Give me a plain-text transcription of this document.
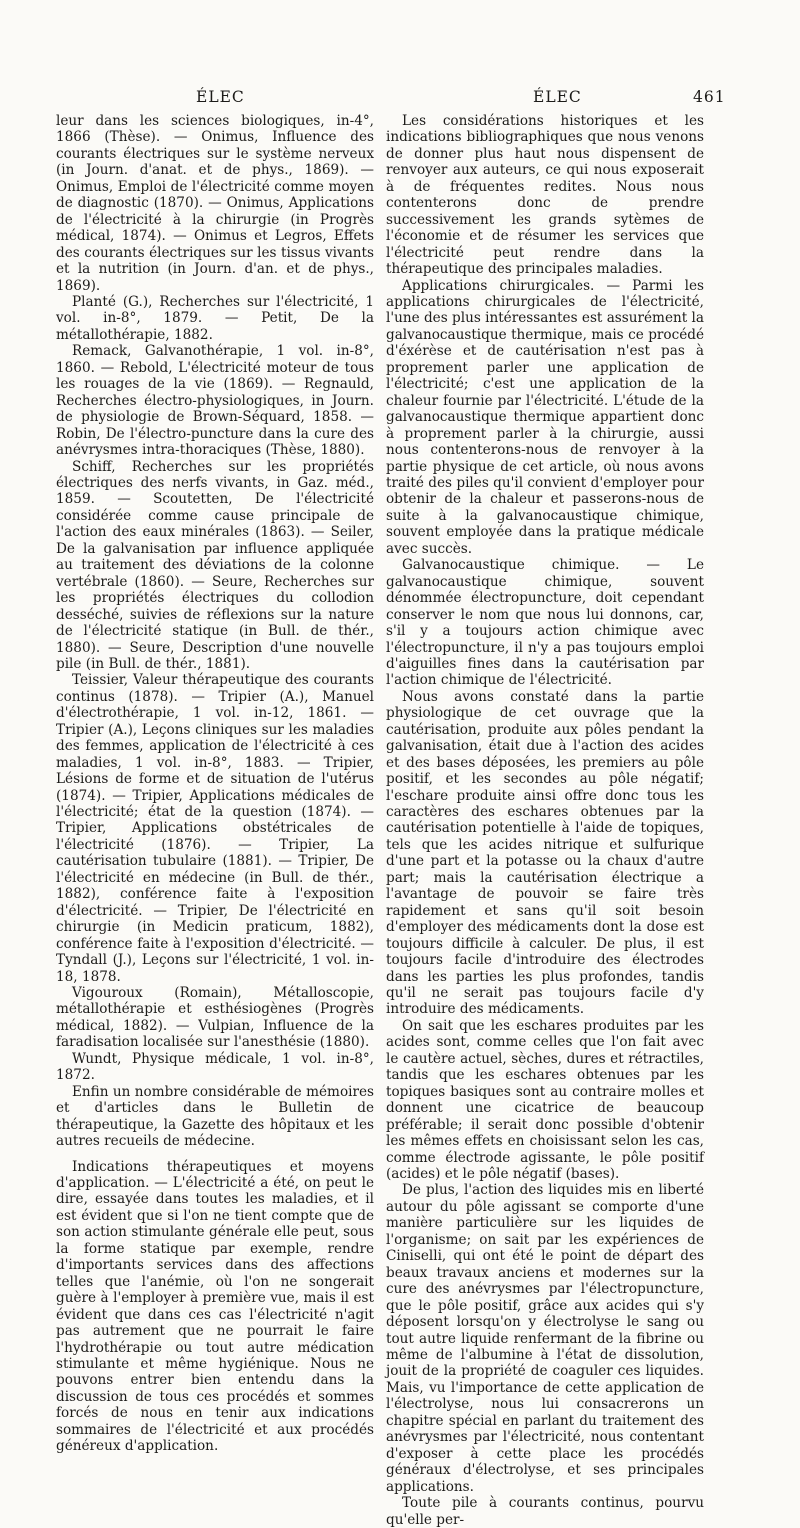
ÉLEC	ÉLEC	461

leur dans les sciences biologiques, in-4°, 1866 (Thèse). — Onimus, Influence des courants électriques sur le système nerveux (in Journ. d'anat. et de phys., 1869). — Onimus, Emploi de l'électricité comme moyen de diagnostic (1870). — Onimus, Applications de l'électricité à la chirurgie (in Progrès médical, 1874). — Onimus et Legros, Effets des courants électriques sur les tissus vivants et la nutrition (in Journ. d'an. et de phys., 1869).

Planté (G.), Recherches sur l'électricité, 1 vol. in-8°, 1879. — Petit, De la métallothérapie, 1882.

Remack, Galvanothérapie, 1 vol. in-8°, 1860. — Rebold, L'électricité moteur de tous les rouages de la vie (1869). — Regnauld, Recherches électro-physiologiques, in Journ. de physiologie de Brown-Séquard, 1858. — Robin, De l'électro-puncture dans la cure des anévrysmes intra-thoraciques (Thèse, 1880).

Schiff, Recherches sur les propriétés électriques des nerfs vivants, in Gaz. méd., 1859. — Scoutetten, De l'électricité considérée comme cause principale de l'action des eaux minérales (1863). — Seiler, De la galvanisation par influence appliquée au traitement des déviations de la colonne vertébrale (1860). — Seure, Recherches sur les propriétés électriques du collodion desséché, suivies de réflexions sur la nature de l'électricité statique (in Bull. de thér., 1880). — Seure, Description d'une nouvelle pile (in Bull. de thér., 1881).

Teissier, Valeur thérapeutique des courants continus (1878). — Tripier (A.), Manuel d'électrothérapie, 1 vol. in-12, 1861. — Tripier (A.), Leçons cliniques sur les maladies des femmes, application de l'électricité à ces maladies, 1 vol. in-8°, 1883. — Tripier, Lésions de forme et de situation de l'utérus (1874). — Tripier, Applications médicales de l'électricité; état de la question (1874). — Tripier, Applications obstétricales de l'électricité (1876). — Tripier, La cautérisation tubulaire (1881). — Tripier, De l'électricité en médecine (in Bull. de thér., 1882), conférence faite à l'exposition d'électricité. — Tripier, De l'électricité en chirurgie (in Medicin praticum, 1882), conférence faite à l'exposition d'électricité. — Tyndall (J.), Leçons sur l'électricité, 1 vol. in-18, 1878.

Vigouroux (Romain), Métalloscopie, métallothérapie et esthésiogènes (Progrès médical, 1882). — Vulpian, Influence de la faradisation localisée sur l'anesthésie (1880).

Wundt, Physique médicale, 1 vol. in-8°, 1872.

Enfin un nombre considérable de mémoires et d'articles dans le Bulletin de thérapeutique, la Gazette des hôpitaux et les autres recueils de médecine.

Indications thérapeutiques et moyens d'application. — L'électricité a été, on peut le dire, essayée dans toutes les maladies, et il est évident que si l'on ne tient compte que de son action stimulante générale elle peut, sous la forme statique par exemple, rendre d'importants services dans des affections telles que l'anémie, où l'on ne songerait guère à l'employer à première vue, mais il est évident que dans ces cas l'électricité n'agit pas autrement que ne pourrait le faire l'hydrothérapie ou tout autre médication stimulante et même hygiénique. Nous ne pouvons entrer bien entendu dans la discussion de tous ces procédés et sommes forcés de nous en tenir aux indications sommaires de l'électricité et aux procédés généreux d'application.

Les considérations historiques et les indications bibliographiques que nous venons de donner plus haut nous dispensent de renvoyer aux auteurs, ce qui nous exposerait à de fréquentes redites. Nous nous contenterons donc de prendre successivement les grands sytèmes de l'économie et de résumer les services que l'électricité peut rendre dans la thérapeutique des principales maladies.

Applications chirurgicales. — Parmi les applications chirurgicales de l'électricité, l'une des plus intéressantes est assurément la galvanocaustique thermique, mais ce procédé d'éxérèse et de cautérisation n'est pas à proprement parler une application de l'électricité; c'est une application de la chaleur fournie par l'électricité. L'étude de la galvanocaustique thermique appartient donc à proprement parler à la chirurgie, aussi nous contenterons-nous de renvoyer à la partie physique de cet article, où nous avons traité des piles qu'il convient d'employer pour obtenir de la chaleur et passerons-nous de suite à la galvanocaustique chimique, souvent employée dans la pratique médicale avec succès.

Galvanocaustique chimique. — Le galvanocaustique chimique, souvent dénommée électropuncture, doit cependant conserver le nom que nous lui donnons, car, s'il y a toujours action chimique avec l'électropuncture, il n'y a pas toujours emploi d'aiguilles fines dans la cautérisation par l'action chimique de l'électricité.

Nous avons constaté dans la partie physiologique de cet ouvrage que la cautérisation, produite aux pôles pendant la galvanisation, était due à l'action des acides et des bases déposées, les premiers au pôle positif, et les secondes au pôle négatif; l'eschare produite ainsi offre donc tous les caractères des eschares obtenues par la cautérisation potentielle à l'aide de topiques, tels que les acides nitrique et sulfurique d'une part et la potasse ou la chaux d'autre part; mais la cautérisation électrique a l'avantage de pouvoir se faire très rapidement et sans qu'il soit besoin d'employer des médicaments dont la dose est toujours difficile à calculer. De plus, il est toujours facile d'introduire des électrodes dans les parties les plus profondes, tandis qu'il ne serait pas toujours facile d'y introduire des médicaments.

On sait que les eschares produites par les acides sont, comme celles que l'on fait avec le cautère actuel, sèches, dures et rétractiles, tandis que les eschares obtenues par les topiques basiques sont au contraire molles et donnent une cicatrice de beaucoup préférable; il serait donc possible d'obtenir les mêmes effets en choisissant selon les cas, comme électrode agissante, le pôle positif (acides) et le pôle négatif (bases).

De plus, l'action des liquides mis en liberté autour du pôle agissant se comporte d'une manière particulière sur les liquides de l'organisme; on sait par les expériences de Ciniselli, qui ont été le point de départ des beaux travaux anciens et modernes sur la cure des anévrysmes par l'électropuncture, que le pôle positif, grâce aux acides qui s'y déposent lorsqu'on y électrolyse le sang ou tout autre liquide renfermant de la fibrine ou même de l'albumine à l'état de dissolution, jouit de la propriété de coaguler ces liquides. Mais, vu l'importance de cette application de l'électrolyse, nous lui consacrerons un chapitre spécial en parlant du traitement des anévrysmes par l'électricité, nous contentant d'exposer à cette place les procédés généraux d'électrolyse, et ses principales applications.

Toute pile à courants continus, pourvu qu'elle per-
